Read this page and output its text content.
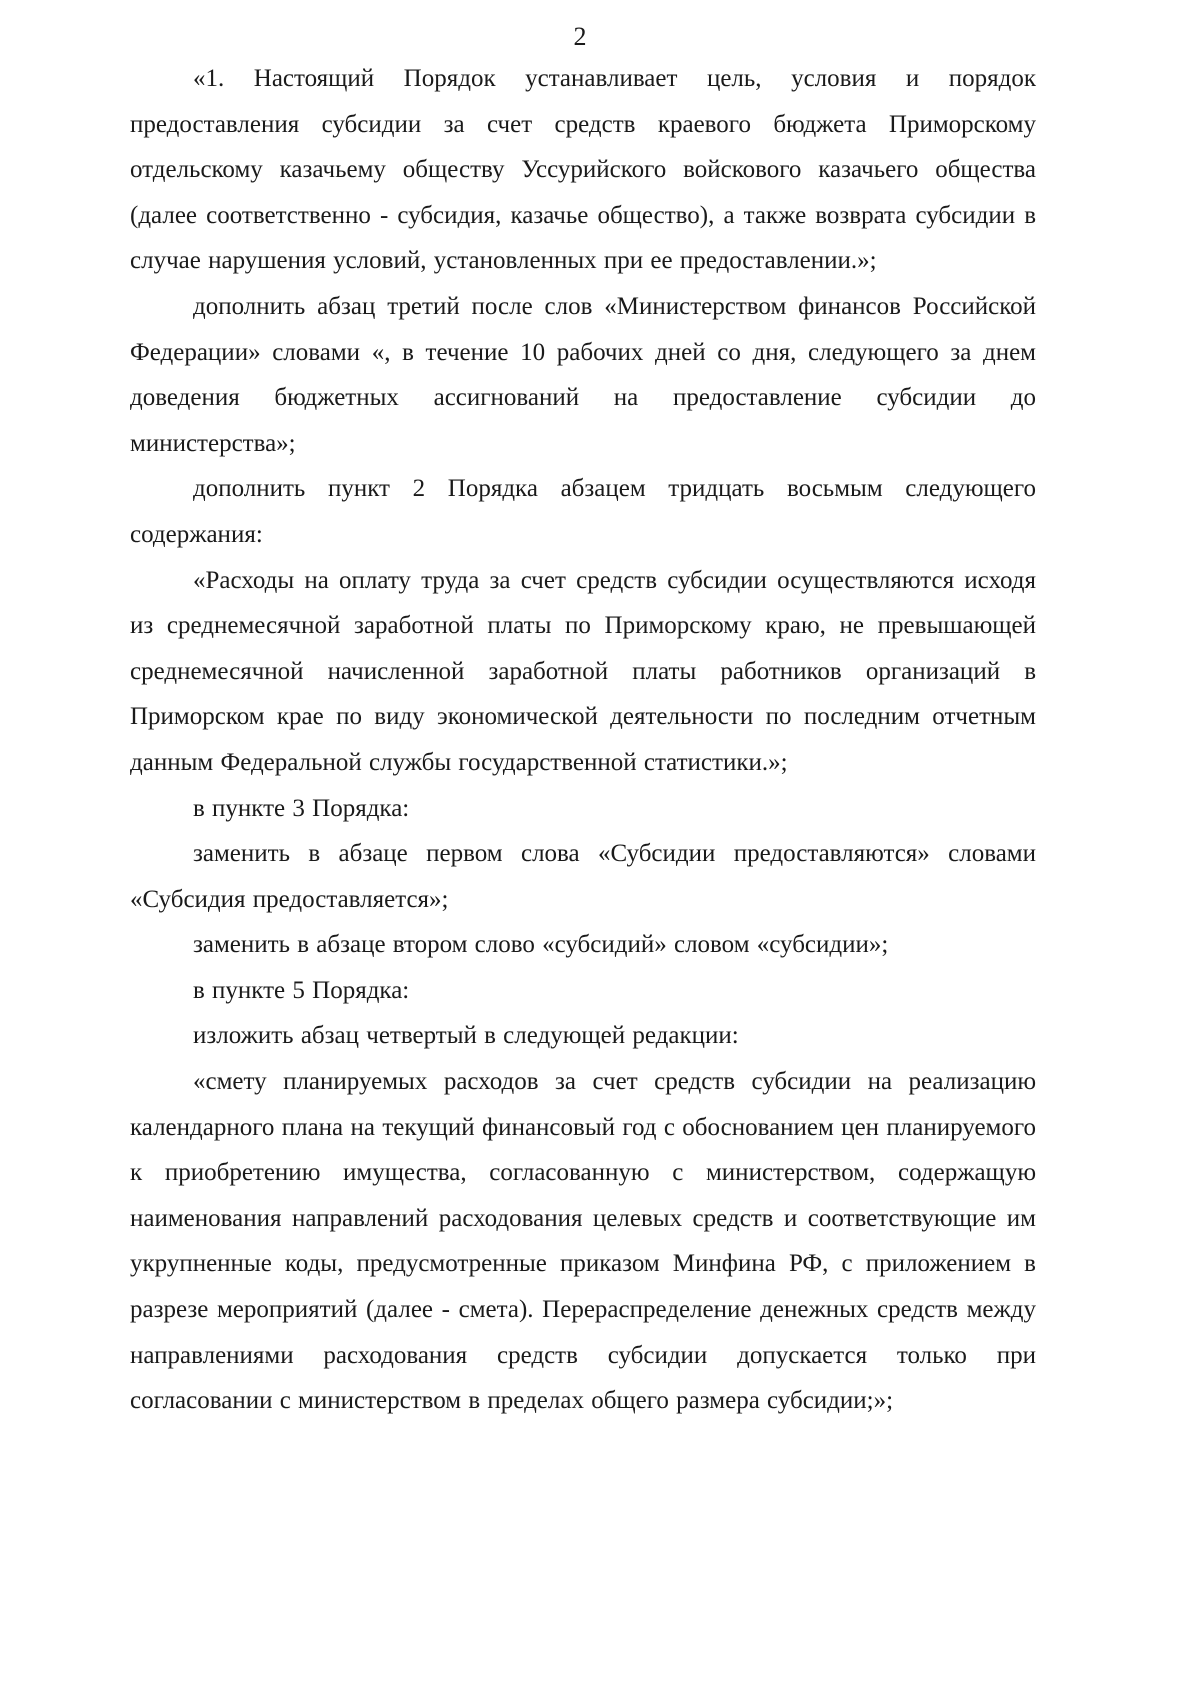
2

«1. Настоящий Порядок устанавливает цель, условия и порядок предоставления субсидии за счет средств краевого бюджета Приморскому отдельскому казачьему обществу Уссурийского войскового казачьего общества (далее соответственно - субсидия, казачье общество), а также возврата субсидии в случае нарушения условий, установленных при ее предоставлении.»;

дополнить абзац третий после слов «Министерством финансов Российской Федерации» словами «, в течение 10 рабочих дней со дня, следующего за днем доведения бюджетных ассигнований на предоставление субсидии до министерства»;

дополнить пункт 2 Порядка абзацем тридцать восьмым следующего содержания:

«Расходы на оплату труда за счет средств субсидии осуществляются исходя из среднемесячной заработной платы по Приморскому краю, не превышающей среднемесячной начисленной заработной платы работников организаций в Приморском крае по виду экономической деятельности по последним отчетным данным Федеральной службы государственной статистики.»;

в пункте 3 Порядка:

заменить в абзаце первом слова «Субсидии предоставляются» словами «Субсидия предоставляется»;

заменить в абзаце втором слово «субсидий» словом «субсидии»;

в пункте 5 Порядка:

изложить абзац четвертый в следующей редакции:

«смету планируемых расходов за счет средств субсидии на реализацию календарного плана на текущий финансовый год с обоснованием цен планируемого к приобретению имущества, согласованную с министерством, содержащую наименования направлений расходования целевых средств и соответствующие им укрупненные коды, предусмотренные приказом Минфина РФ, с приложением в разрезе мероприятий (далее - смета). Перераспределение денежных средств между направлениями расходования средств субсидии допускается только при согласовании с министерством в пределах общего размера субсидии;»;
